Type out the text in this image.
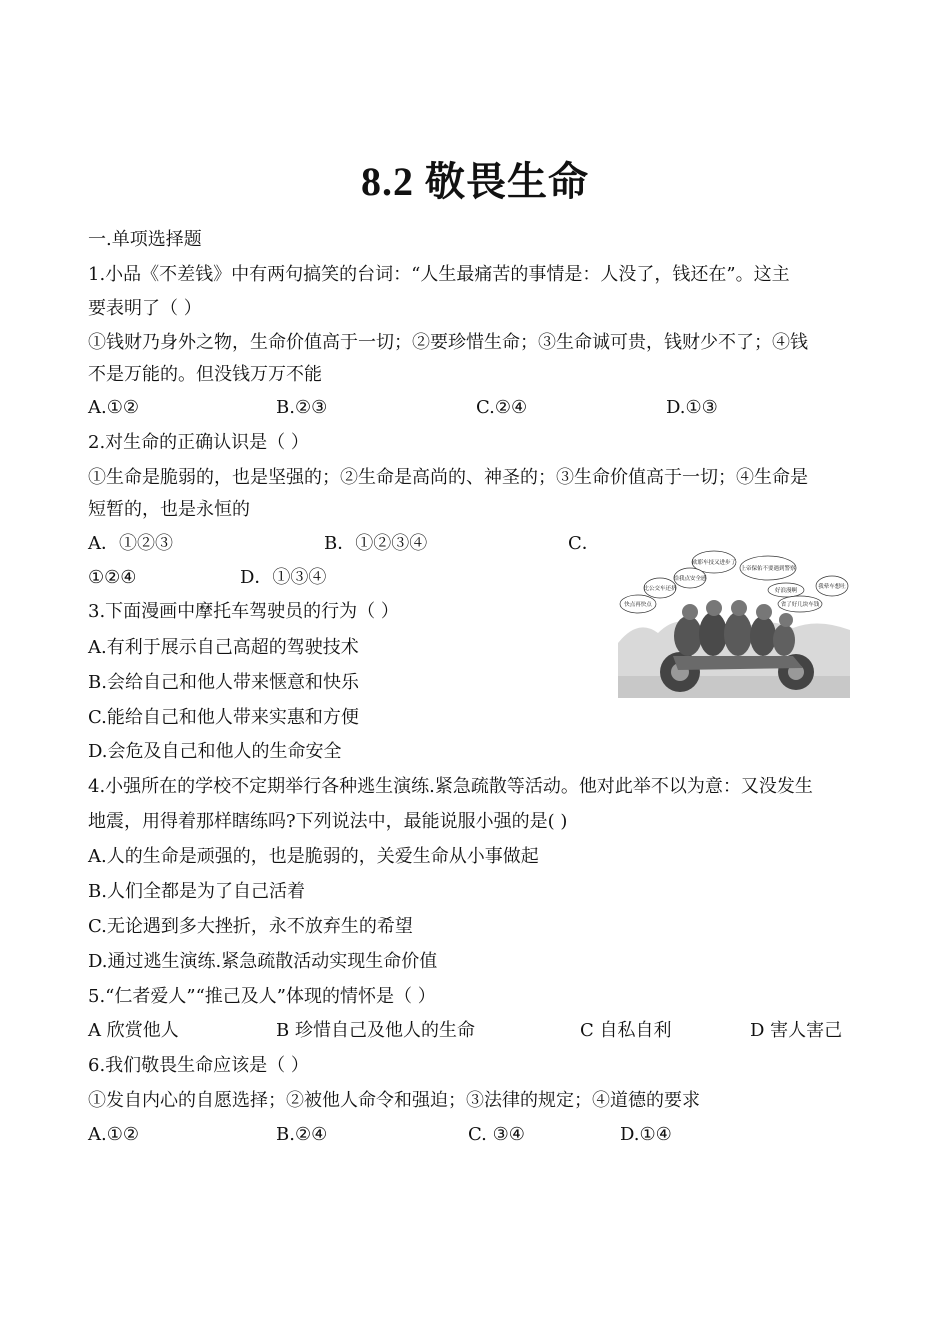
8.2 敬畏生命
一.单项选择题
1.小品《不差钱》中有两句搞笑的台词：“人生最痛苦的事情是：人没了，钱还在”。这主
要表明了（ ）
①钱财乃身外之物，生命价值高于一切；②要珍惜生命；③生命诚可贵，钱财少不了；④钱
不是万能的。但没钱万万不能
A.①②	B.②③	C.②④	D.①③
2.对生命的正确认识是（ ）
①生命是脆弱的，也是坚强的；②生命是高尚的、神圣的；③生命价值高于一切；④生命是
短暂的，也是永恒的
A．①②③	B．①②③④	C．
①②④	D．①③④
3.下面漫画中摩托车驾驶员的行为（ ）
A.有利于展示自己高超的驾驶技术
B.会给自己和他人带来惬意和快乐
C.能给自己和他人带来实惠和方便
D.会危及自己和他人的生命安全
欧耶车技又进步了
给我点安全感
上帝保佑不要遇到警察
比公交车还挤	好浪漫啊
省了好几块车钱
快点再快点
我晕车想吐
4.小强所在的学校不定期举行各种逃生演练.紧急疏散等活动。他对此举不以为意：又没发生
地震，用得着那样瞎练吗?下列说法中，最能说服小强的是( )
A.人的生命是顽强的，也是脆弱的，关爱生命从小事做起
B.人们全都是为了自己活着
C.无论遇到多大挫折，永不放弃生的希望
D.通过逃生演练.紧急疏散活动实现生命价值
5.“仁者爱人”“推己及人”体现的情怀是（ ）
A 欣赏他人	B 珍惜自己及他人的生命	C 自私自利	D 害人害己
6.我们敬畏生命应该是（ ）
①发自内心的自愿选择；②被他人命令和强迫；③法律的规定；④道德的要求
A.①②	B.②④	C. ③④	D.①④
